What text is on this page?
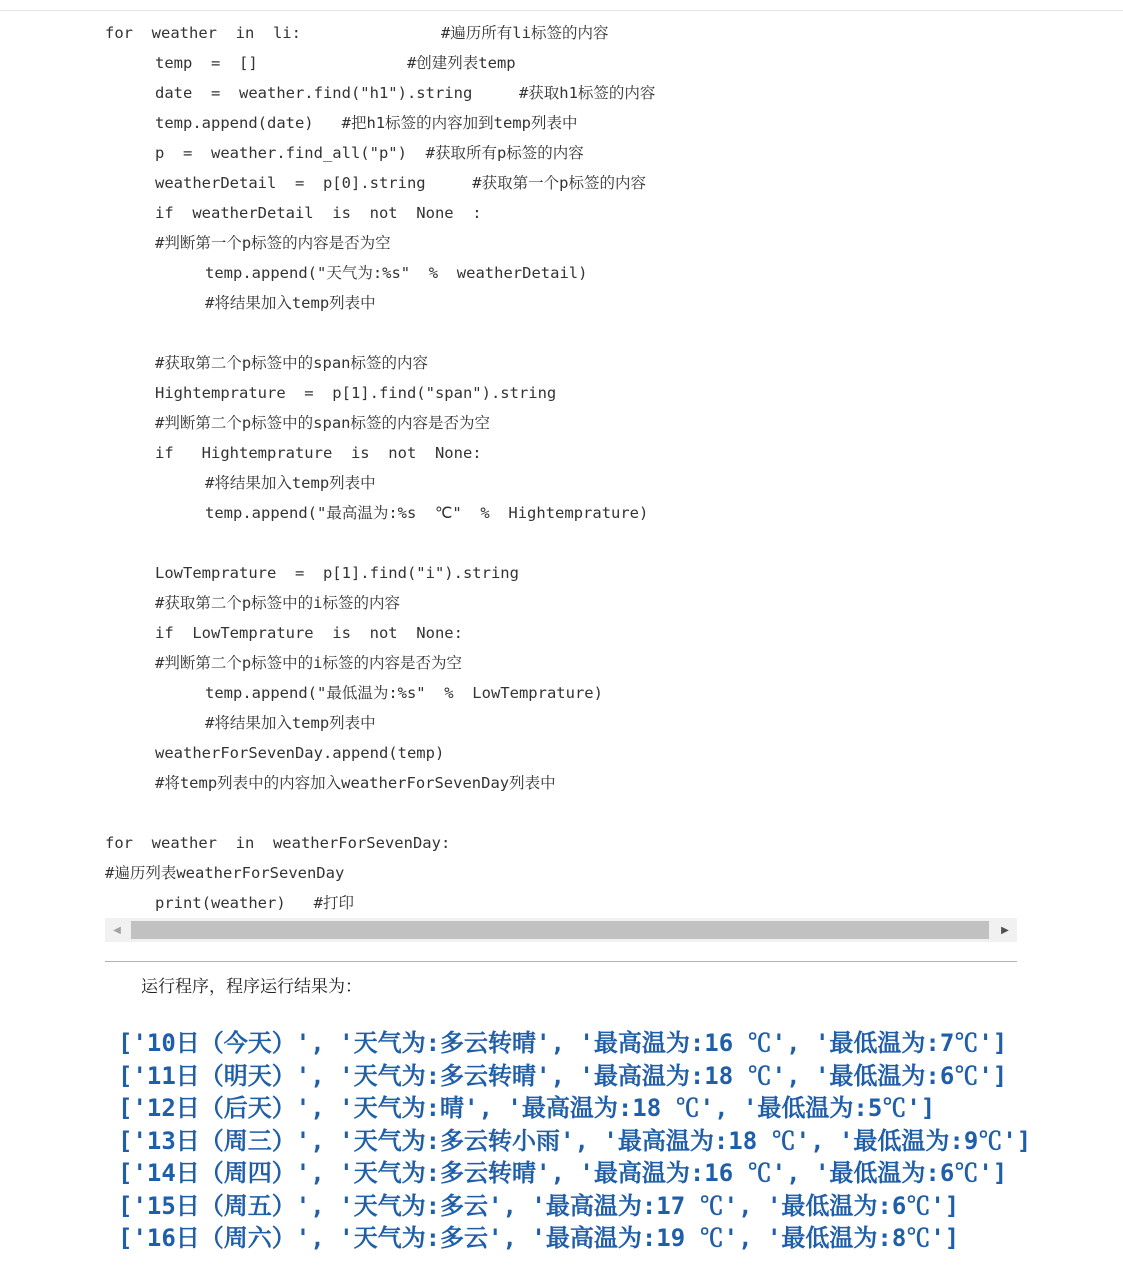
for  weather  in  li:               #遍历所有li标签的内容
temp  =  []                #创建列表temp
date  =  weather.find("h1").string     #获取h1标签的内容
temp.append(date)   #把h1标签的内容加到temp列表中
p  =  weather.find_all("p")  #获取所有p标签的内容
weatherDetail  =  p[0].string     #获取第一个p标签的内容
if  weatherDetail  is  not  None  :
#判断第一个p标签的内容是否为空
temp.append("天气为:%s"  %  weatherDetail)
#将结果加入temp列表中
#获取第二个p标签中的span标签的内容
Hightemprature  =  p[1].find("span").string
#判断第二个p标签中的span标签的内容是否为空
if   Hightemprature  is  not  None:
#将结果加入temp列表中
temp.append("最高温为:%s  ℃"  %  Hightemprature)
LowTemprature  =  p[1].find("i").string
#获取第二个p标签中的i标签的内容
if  LowTemprature  is  not  None:
#判断第二个p标签中的i标签的内容是否为空
temp.append("最低温为:%s"  %  LowTemprature)
#将结果加入temp列表中
weatherForSevenDay.append(temp)
#将temp列表中的内容加入weatherForSevenDay列表中
for  weather  in  weatherForSevenDay:
#遍历列表weatherForSevenDay
print(weather)   #打印
◀	▶
运行程序，程序运行结果为：
['10日（今天）', '天气为:多云转晴', '最高温为:16 ℃', '最低温为:7℃']
['11日（明天）', '天气为:多云转晴', '最高温为:18 ℃', '最低温为:6℃']
['12日（后天）', '天气为:晴', '最高温为:18 ℃', '最低温为:5℃']
['13日（周三）', '天气为:多云转小雨', '最高温为:18 ℃', '最低温为:9℃']
['14日（周四）', '天气为:多云转晴', '最高温为:16 ℃', '最低温为:6℃']
['15日（周五）', '天气为:多云', '最高温为:17 ℃', '最低温为:6℃']
['16日（周六）', '天气为:多云', '最高温为:19 ℃', '最低温为:8℃']
